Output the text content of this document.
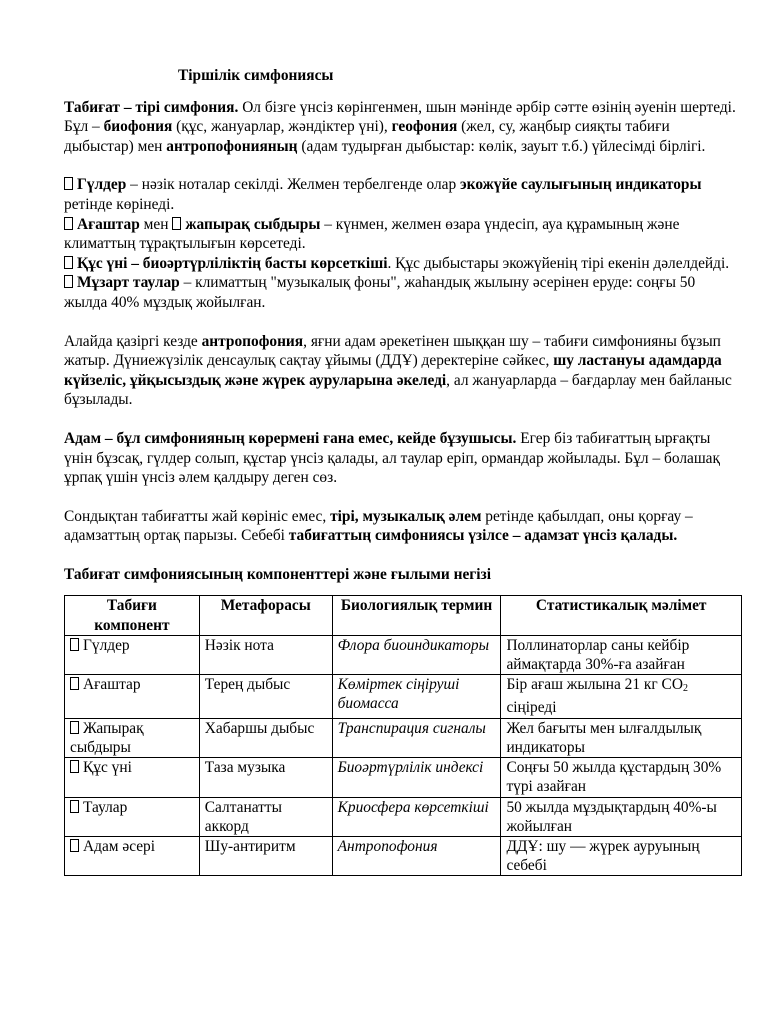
Тіршілік симфониясы

Табиғат – тірі симфония. Ол бізге үнсіз көрінгенмен, шын мәнінде әрбір сәтте өзінің әуенін шертеді. Бұл – биофония (құс, жануарлар, жәндіктер үні), геофония (жел, су, жаңбыр сияқты табиғи дыбыстар) мен антропофонияның (адам тудырған дыбыстар: көлік, зауыт т.б.) үйлесімді бірлігі.

Гүлдер – нәзік ноталар секілді. Желмен тербелгенде олар экожүйе саулығының индикаторы ретінде көрінеді.

Ағаштар мен жапырақ сыбдыры – күнмен, желмен өзара үндесіп, ауа құрамының және климаттың тұрақтылығын көрсетеді.

Құс үні – биоәртүрліліктің басты көрсеткіші. Құс дыбыстары экожүйенің тірі екенін дәлелдейді.

Мұзарт таулар – климаттың "музыкалық фоны", жаһандық жылыну әсерінен еруде: соңғы 50 жылда 40% мұздық жойылған.

Алайда қазіргі кезде антропофония, яғни адам әрекетінен шыққан шу – табиғи симфонияны бұзып жатыр. Дүниежүзілік денсаулық сақтау ұйымы (ДДҰ) деректеріне сәйкес, шу ластануы адамдарда күйзеліс, ұйқысыздық және жүрек ауруларына әкеледі, ал жануарларда – бағдарлау мен байланыс бұзылады.

Адам – бұл симфонияның көрермені ғана емес, кейде бұзушысы. Егер біз табиғаттың ырғақты үнін бұзсақ, гүлдер солып, құстар үнсіз қалады, ал таулар еріп, ормандар жойылады. Бұл – болашақ ұрпақ үшін үнсіз әлем қалдыру деген сөз.

Сондықтан табиғатты жай көрініс емес, тірі, музыкалық әлем ретінде қабылдап, оны қорғау – адамзаттың ортақ парызы. Себебі табиғаттың симфониясы үзілсе – адамзат үнсіз қалады.

Табиғат симфониясының компоненттері және ғылыми негізі
Табиғи компонент	Метафорасы	Биологиялық термин	Статистикалық мәлімет
Гүлдер	Нәзік нота	Флора биоиндикаторы	Поллинаторлар саны кейбір аймақтарда 30%-ға азайған
Ағаштар	Терең дыбыс	Көміртек сіңіруші биомасса	Бір ағаш жылына 21 кг $CO_2$ сіңіреді
Жапырақ сыбдыры	Хабаршы дыбыс	Транспирация сигналы	Жел бағыты мен ылғалдылық индикаторы
Құс үні	Таза музыка	Биоәртүрлілік индексі	Соңғы 50 жылда құстардың 30% түрі азайған
Таулар	Салтанатты аккорд	Криосфера көрсеткіші	50 жылда мұздықтардың 40%-ы жойылған
Адам әсері	Шу-антиритм	Антропофония	ДДҰ: шу — жүрек ауруының себебі
